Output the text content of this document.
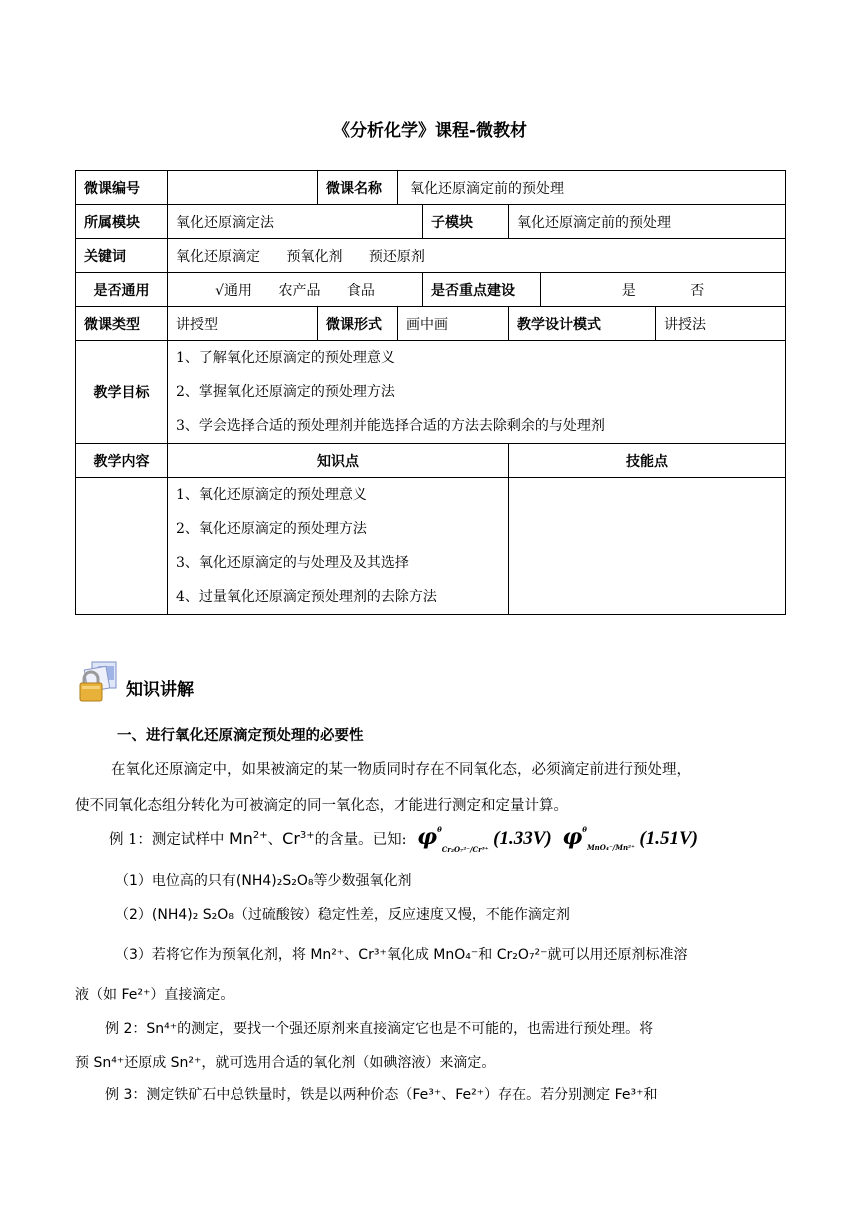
《分析化学》课程-微教材
微课编号		微课名称	氧化还原滴定前的预处理				
所属模块	氧化还原滴定法			子模块	氧化还原滴定前的预处理		
关键词	氧化还原滴定 预氧化剂 预还原剂						
是否通用	√通用 农产品 食品			是否重点建设		是 否	
微课类型	讲授型	微课形式	画中画		教学设计模式		讲授法
教学目标	1、了解氧化还原滴定的预处理意义
2、掌握氧化还原滴定的预处理方法
3、学会选择合适的预处理剂并能选择合适的方法去除剩余的与处理剂						

教学内容	知识点				技能点		

	1、氧化还原滴定的预处理意义
2、氧化还原滴定的预处理方法
3、氧化还原滴定的与处理及及其选择
4、过量氧化还原滴定预处理剂的去除方法						

知识讲解
一、进行氧化还原滴定预处理的必要性
在氧化还原滴定中，如果被滴定的某一物质同时存在不同氧化态，必须滴定前进行预处理，
使不同氧化态组分转化为可被滴定的同一氧化态，才能进行测定和定量计算。
例 1：测定试样中 $Mn^{2+}$、$Cr^{3+}$的含量。已知: $\varphi^\theta_{Cr_2O_7^{2-}/Cr^{3+}}$ (1.33V) $\varphi^\theta_{MnO_4^-/Mn^{2+}}$ (1.51V)
（1）电位高的只有(NH4)₂S₂O₈等少数强氧化剂
（2）(NH4)₂ S₂O₈（过硫酸铵）稳定性差，反应速度又慢，不能作滴定剂
（3）若将它作为预氧化剂，将 Mn²⁺、Cr³⁺氧化成 MnO₄⁻和 Cr₂O₇²⁻就可以用还原剂标准溶
液（如 Fe²⁺）直接滴定。
例 2：Sn⁴⁺的测定，要找一个强还原剂来直接滴定它也是不可能的，也需进行预处理。将
预 Sn⁴⁺还原成 Sn²⁺，就可选用合适的氧化剂（如碘溶液）来滴定。
例 3：测定铁矿石中总铁量时，铁是以两种价态（Fe³⁺、Fe²⁺）存在。若分别测定 Fe³⁺和
